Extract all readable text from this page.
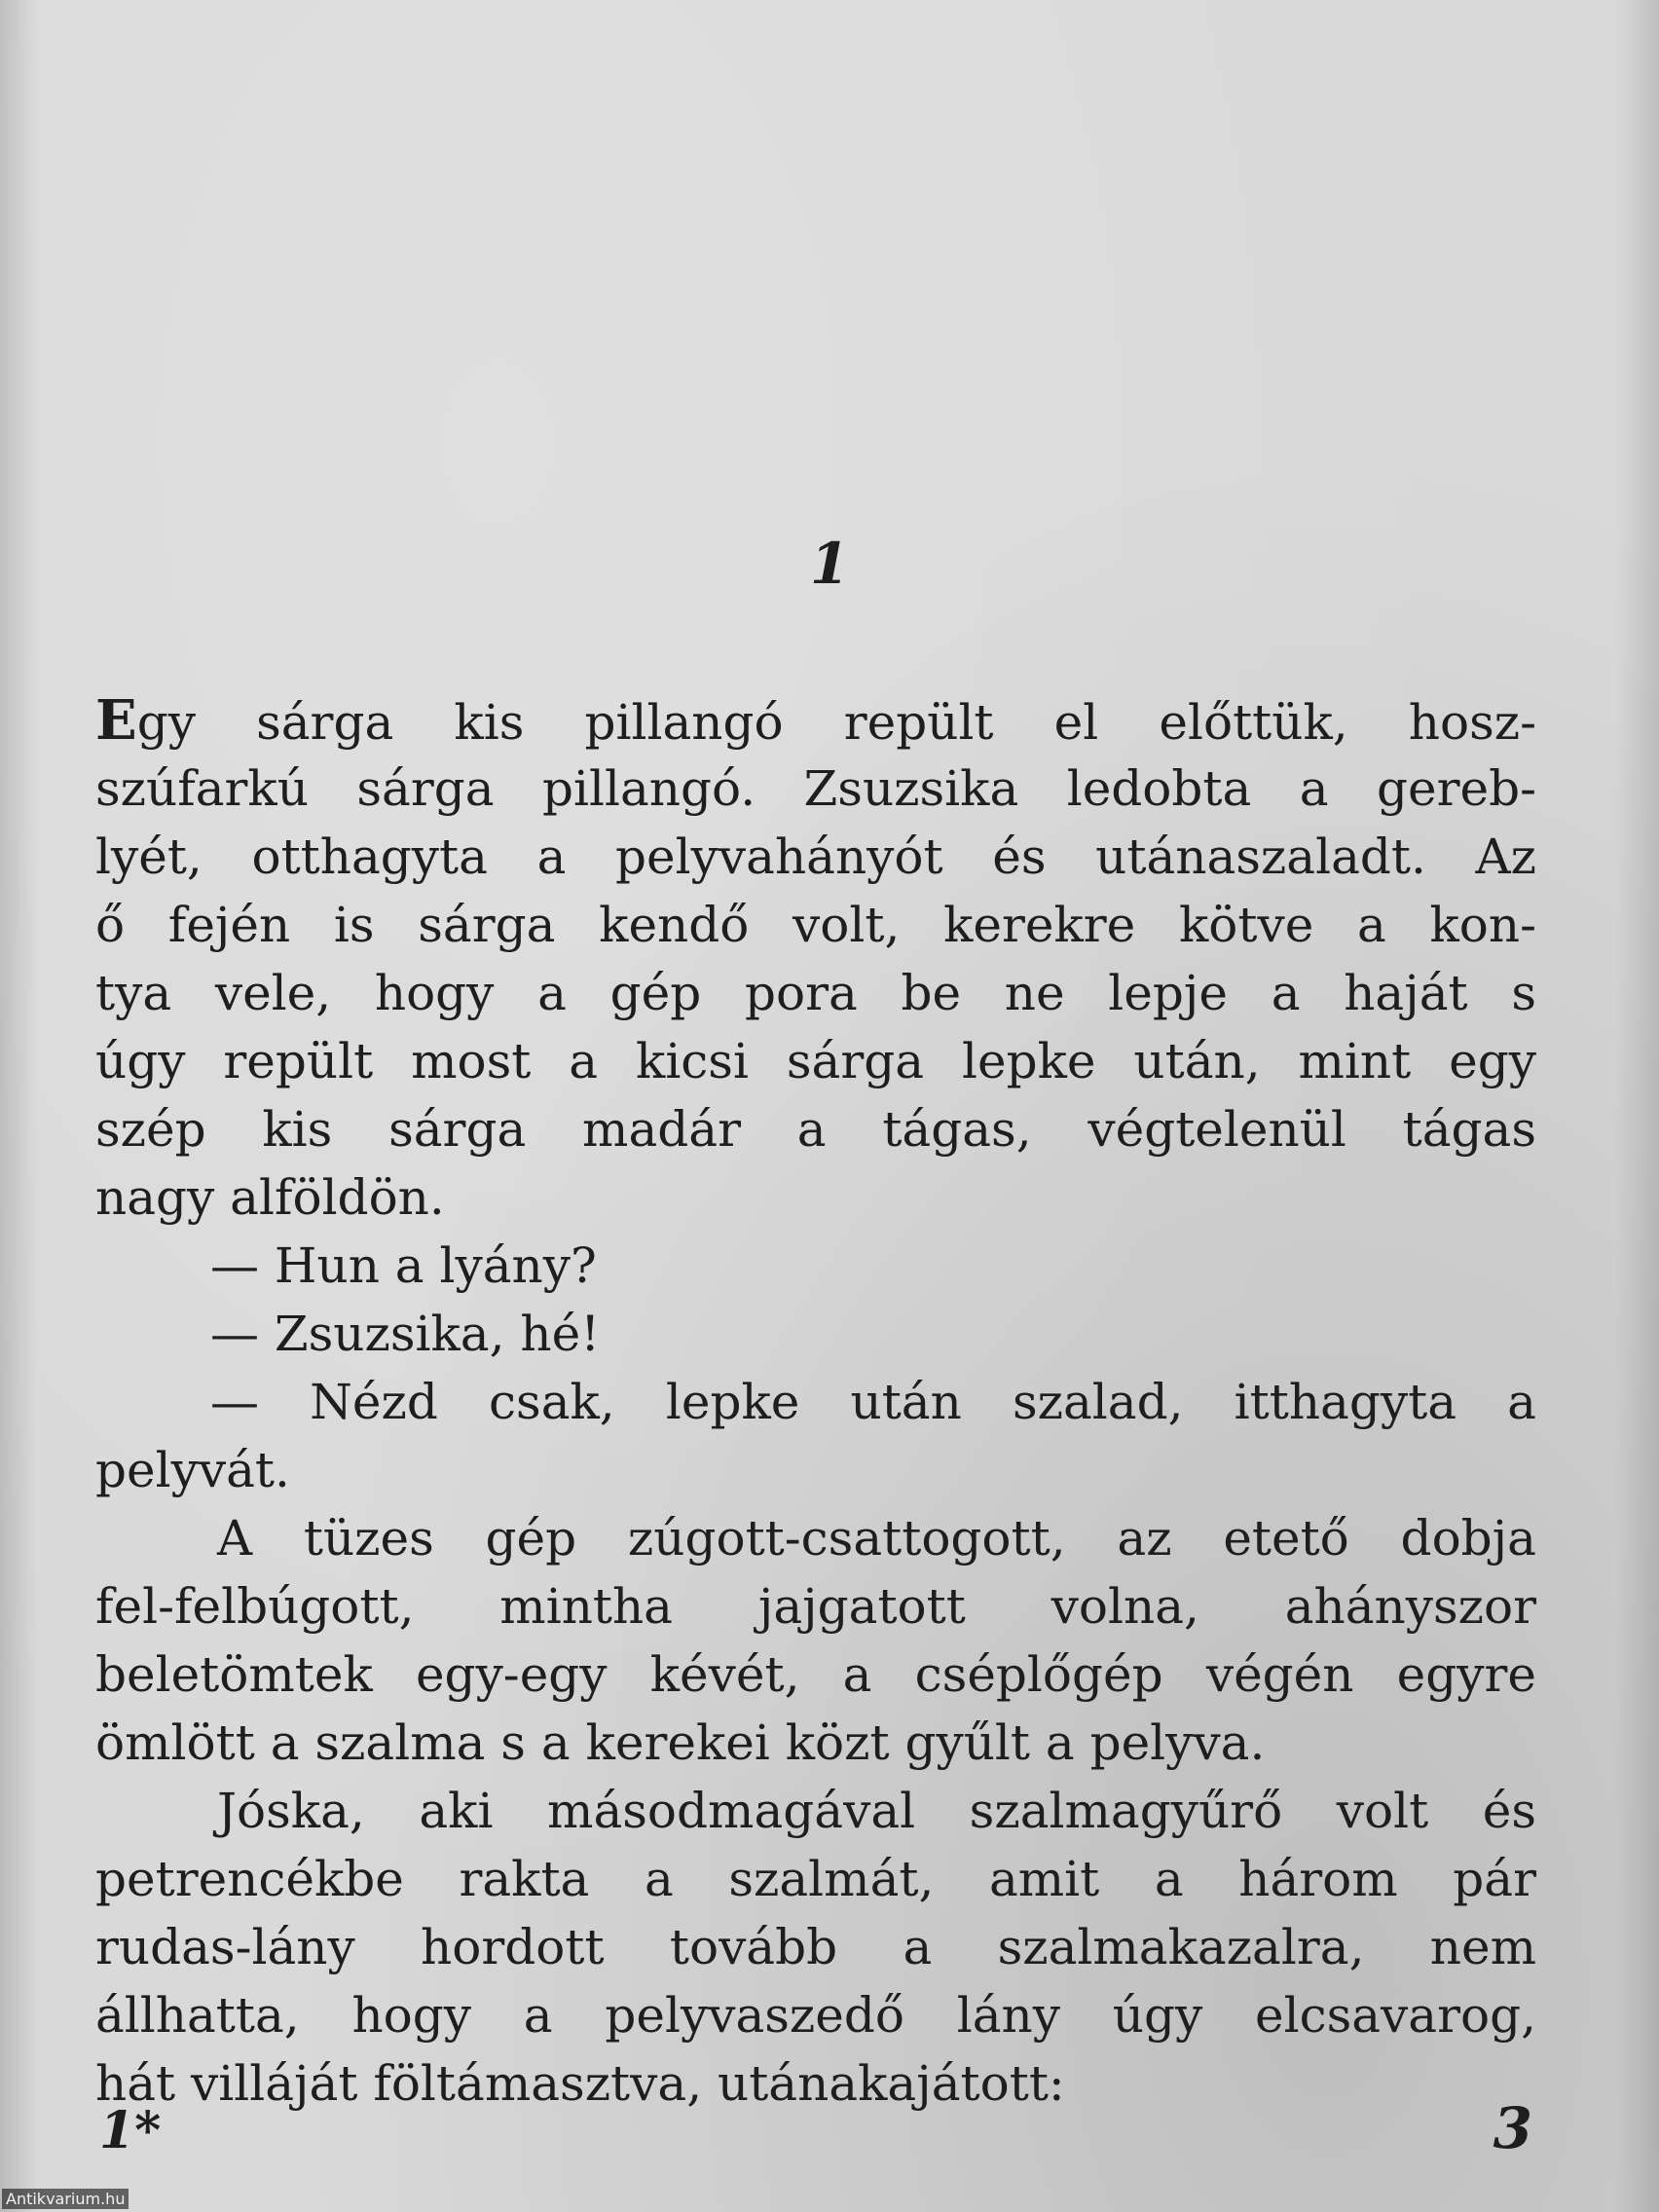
1
Egy sárga kis pillangó repült el előttük, hosz-
szúfarkú sárga pillangó. Zsuzsika ledobta a gereb-
lyét, otthagyta a pelyvahányót és utánaszaladt. Az
ő fején is sárga kendő volt, kerekre kötve a kon-
tya vele, hogy a gép pora be ne lepje a haját s
úgy repült most a kicsi sárga lepke után, mint egy
szép kis sárga madár a tágas, végtelenül tágas
nagy alföldön.
— Hun a lyány?
— Zsuzsika, hé!
— Nézd csak, lepke után szalad, itthagyta a
pelyvát.
A tüzes gép zúgott-csattogott, az etető dobja
fel-felbúgott, mintha jajgatott volna, ahányszor
beletömtek egy-egy kévét, a cséplőgép végén egyre
ömlött a szalma s a kerekei közt gyűlt a pelyva.
Jóska, aki másodmagával szalmagyűrő volt és
petrencékbe rakta a szalmát, amit a három pár
rudas-lány hordott tovább a szalmakazalra, nem
állhatta, hogy a pelyvaszedő lány úgy elcsavarog,
hát villáját föltámasztva, utánakajátott:
1*	3
Antikvarium.hu
